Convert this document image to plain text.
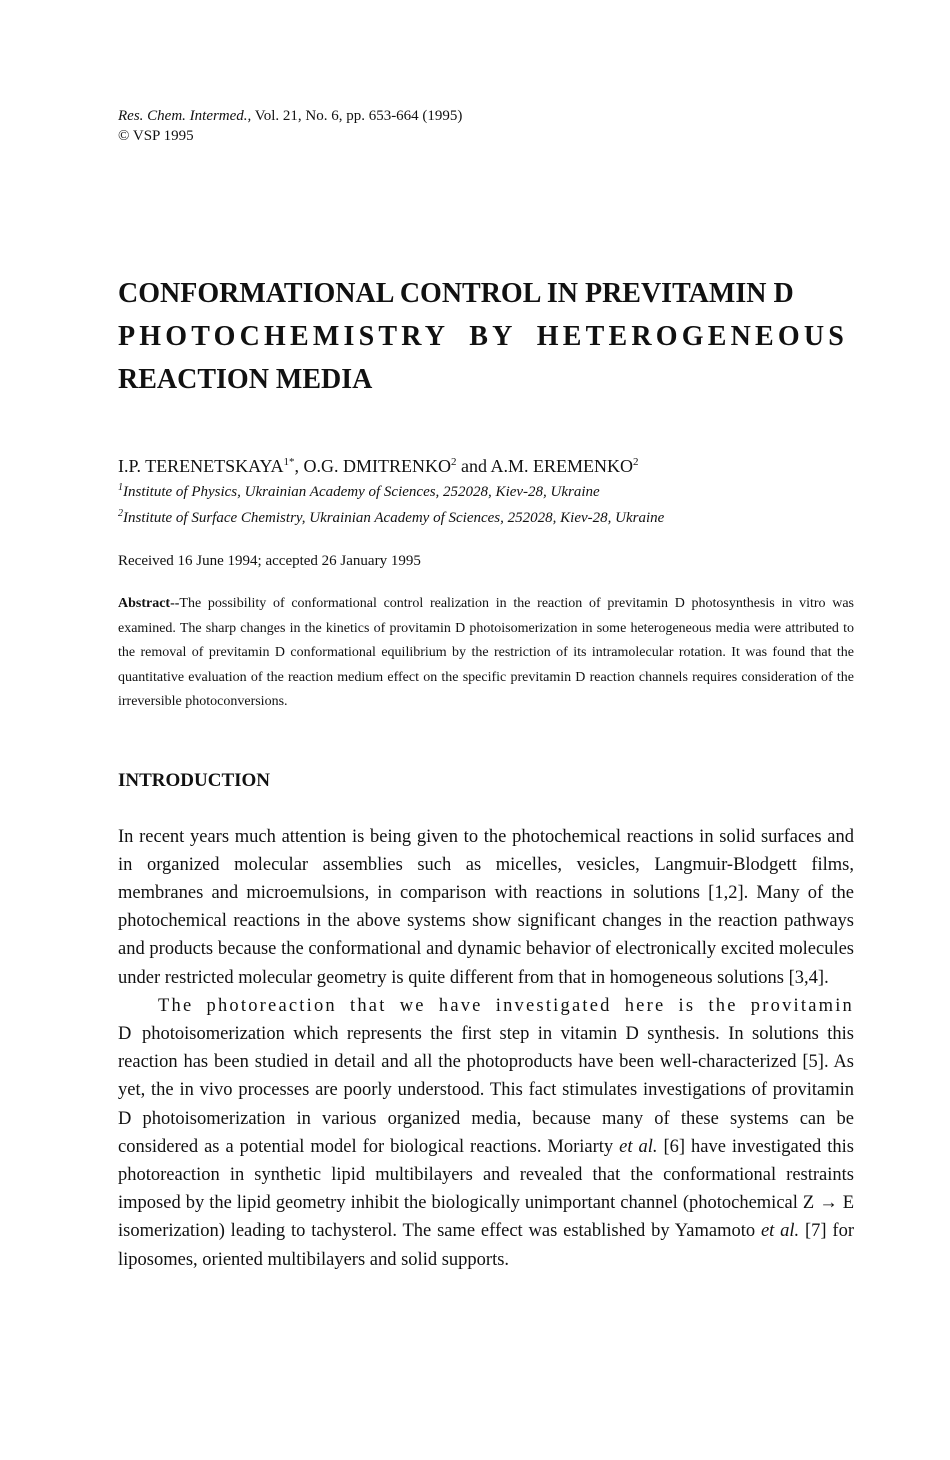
Res. Chem. Intermed., Vol. 21, No. 6, pp. 653-664 (1995)

© VSP 1995

CONFORMATIONAL CONTROL IN PREVITAMIN D
PHOTOCHEMISTRY BY HETEROGENEOUS
REACTION MEDIA

I.P. $TERENETSKAYA^{1*}$, O.G. DMITRENKO$^2$ and A.M. EREMENKO$^2$

$^1$Institute of Physics, Ukrainian Academy of Sciences, 252028, Kiev-28, Ukraine

$^2$Institute of Surface Chemistry, Ukrainian Academy of Sciences, 252028, Kiev-28, Ukraine

Received 16 June 1994; accepted 26 January 1995

Abstract--The possibility of conformational control realization in the reaction of previtamin D photosynthesis in vitro was examined. The sharp changes in the kinetics of provitamin D photoisomerization in some heterogeneous media were attributed to the removal of previtamin D conformational equilibrium by the restriction of its intramolecular rotation. It was found that the quantitative evaluation of the reaction medium effect on the specific previtamin D reaction channels requires consideration of the irreversible photoconversions.

INTRODUCTION

In recent years much attention is being given to the photochemical reactions in solid surfaces and in organized molecular assemblies such as micelles, vesicles, Langmuir-Blodgett films, membranes and microemulsions, in comparison with reactions in solutions [1,2]. Many of the photochemical reactions in the above systems show significant changes in the reaction pathways and products because the conformational and dynamic behavior of electronically excited molecules under restricted molecular geometry is quite different from that in homogeneous solutions [3,4].

The photoreaction that we have investigated here is the provitamin D photoisomerization which represents the first step in vitamin D synthesis. In solutions this reaction has been studied in detail and all the photoproducts have been well-characterized [5]. As yet, the in vivo processes are poorly understood. This fact stimulates investigations of provitamin D photoisomerization in various organized media, because many of these systems can be considered as a potential model for biological reactions. Moriarty et al. [6] have investigated this photoreaction in synthetic lipid multibilayers and revealed that the conformational restraints imposed by the lipid geometry inhibit the biologically unimportant channel (photochemical Z → E isomerization) leading to tachysterol. The same effect was established by Yamamoto et al. [7] for liposomes, oriented multibilayers and solid supports.
